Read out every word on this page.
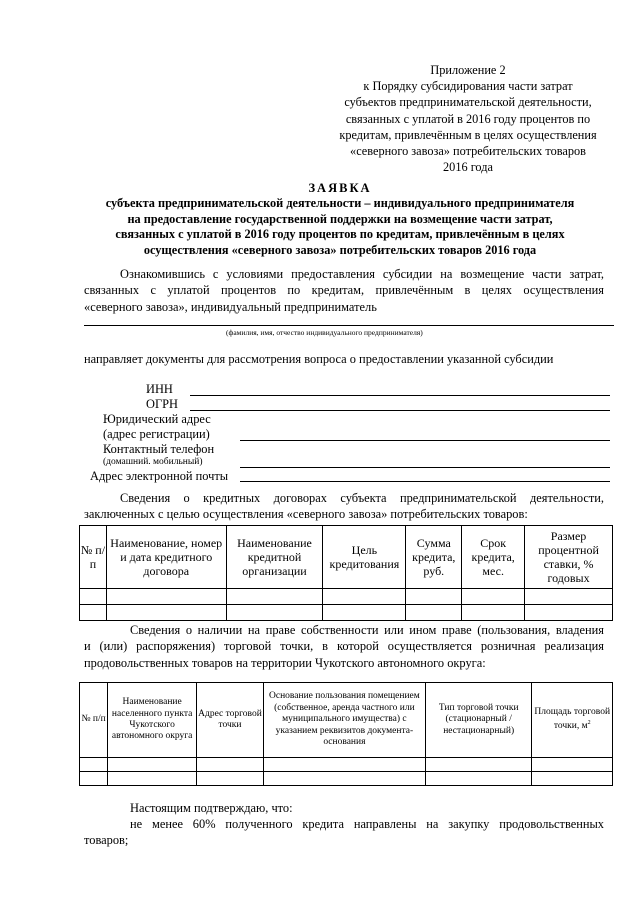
Приложение 2
к Порядку субсидирования части затрат
субъектов предпринимательской деятельности,
связанных с уплатой в 2016 году процентов по
кредитам, привлечённым в целях осуществления
«северного завоза» потребительских товаров
2016 года
ЗАЯВКА
субъекта предпринимательской деятельности – индивидуального предпринимателя
на предоставление государственной поддержки на возмещение части затрат,
связанных с уплатой в 2016 году процентов по кредитам, привлечённым в целях
осуществления «северного завоза» потребительских товаров 2016 года
Ознакомившись с условиями предоставления субсидии на возмещение части затрат,
связанных с уплатой процентов по кредитам, привлечённым в целях осуществления
«северного завоза», индивидуальный предприниматель
(фамилия, имя, отчество индивидуального предпринимателя)
направляет документы для рассмотрения вопроса о предоставлении указанной субсидии
ИНН
ОГРН
Юридический адрес
(адрес регистрации)
Контактный телефон
(домашний. мобильный)
Адрес электронной почты
Сведения о кредитных договорах субъекта предпринимательской деятельности,
заключенных с целью осуществления «северного завоза» потребительских товаров:
№ п/п	Наименование, номер и дата кредитного договора	Наименование кредитной организации	Цель кредитования	Сумма кредита, руб.	Срок кредита, мес.	Размер процентной ставки, % годовых

Сведения о наличии на праве собственности или ином праве (пользования, владения
и (или) распоряжения) торговой точки, в которой осуществляется розничная реализация
продовольственных товаров на территории Чукотского автономного округа:
№ п/п	Наименование населенного пункта Чукотского автономного округа	Адрес торговой точки	Основание пользования помещением (собственное, аренда частного или муниципального имущества) с указанием реквизитов документа-основания	Тип торговой точки (стационарный / нестационарный)	Площадь торговой точки, $м^2$

Настоящим подтверждаю, что:
не менее 60% полученного кредита направлены на закупку продовольственных
товаров;
